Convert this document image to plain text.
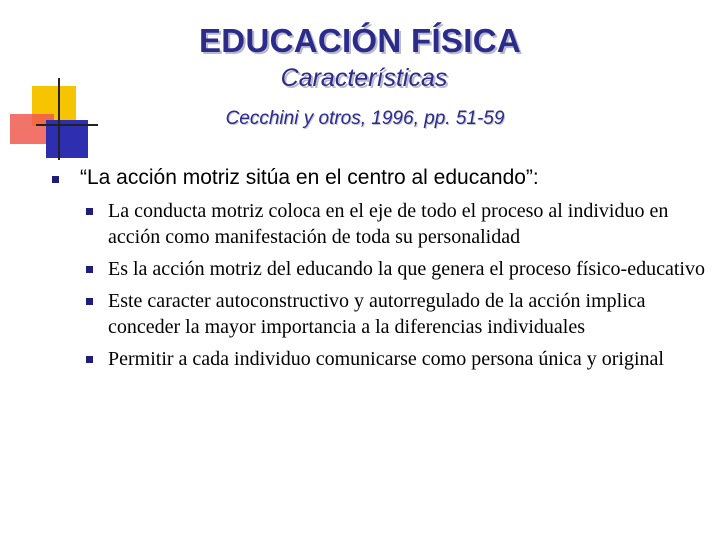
EDUCACIÓN FÍSICA
Características
Cecchini y otros, 1996, pp. 51-59
“La acción motriz sitúa en el centro al educando”:
La conducta motriz coloca en el eje de todo el proceso al individuo en acción como manifestación de toda su personalidad
Es la acción motriz del educando la que genera el proceso físico-educativo
Este caracter autoconstructivo y autorregulado de la acción implica conceder la mayor importancia a la diferencias individuales
Permitir a cada individuo comunicarse como persona única y original
